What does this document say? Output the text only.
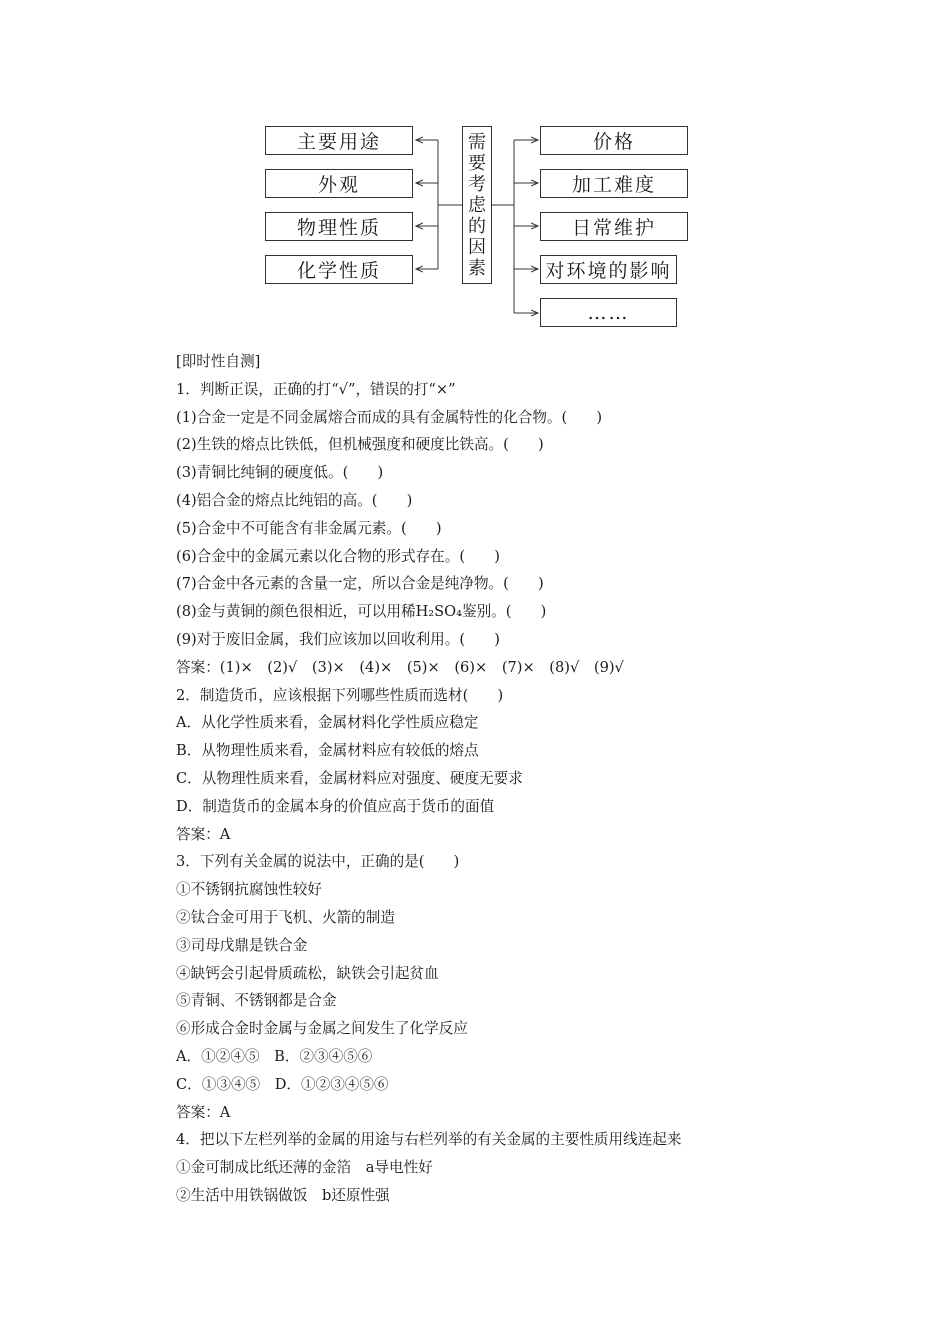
需
要
考
虑
的
因
素
主要用途
外观
物理性质
化学性质
价格
加工难度
日常维护
对环境的影响
……
[即时性自测]
1．判断正误，正确的打“√”，错误的打“×”
(1)合金一定是不同金属熔合而成的具有金属特性的化合物。(　　)
(2)生铁的熔点比铁低，但机械强度和硬度比铁高。(　　)
(3)青铜比纯铜的硬度低。(　　)
(4)铝合金的熔点比纯铝的高。(　　)
(5)合金中不可能含有非金属元素。(　　)
(6)合金中的金属元素以化合物的形式存在。(　　)
(7)合金中各元素的含量一定，所以合金是纯净物。(　　)
(8)金与黄铜的颜色很相近，可以用稀H₂SO₄鉴别。(　　)
(9)对于废旧金属，我们应该加以回收利用。(　　)
答案：(1)×　(2)√　(3)×　(4)×　(5)×　(6)×　(7)×　(8)√　(9)√
2．制造货币，应该根据下列哪些性质而选材(　　)
A．从化学性质来看，金属材料化学性质应稳定
B．从物理性质来看，金属材料应有较低的熔点
C．从物理性质来看，金属材料应对强度、硬度无要求
D．制造货币的金属本身的价值应高于货币的面值
答案：A
3．下列有关金属的说法中，正确的是(　　)
①不锈钢抗腐蚀性较好
②钛合金可用于飞机、火箭的制造
③司母戊鼎是铁合金
④缺钙会引起骨质疏松，缺铁会引起贫血
⑤青铜、不锈钢都是合金
⑥形成合金时金属与金属之间发生了化学反应
A．①②④⑤　B．②③④⑤⑥
C．①③④⑤　D．①②③④⑤⑥
答案：A
4．把以下左栏列举的金属的用途与右栏列举的有关金属的主要性质用线连起来
①金可制成比纸还薄的金箔　a导电性好
②生活中用铁锅做饭　b还原性强
